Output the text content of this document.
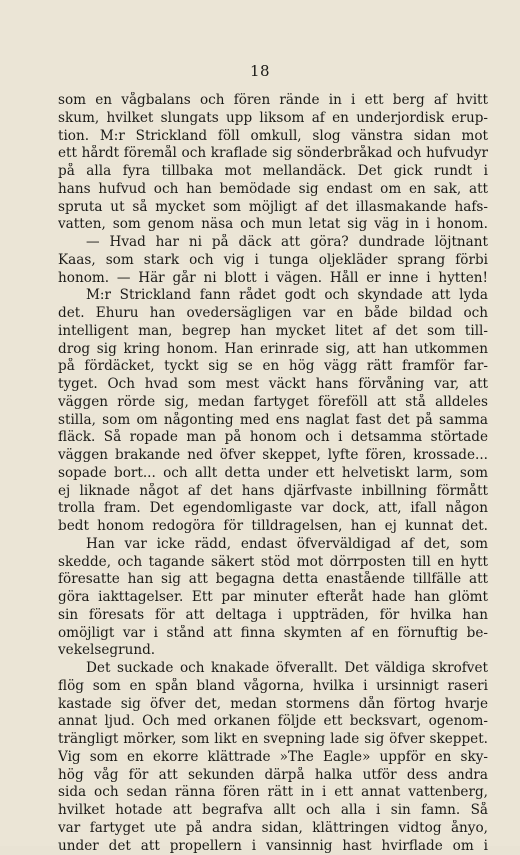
18
som en vågbalans och fören rände in i ett berg af hvitt
skum, hvilket slungats upp liksom af en underjordisk erup-
tion. M:r Strickland föll omkull, slog vänstra sidan mot
ett hårdt föremål och kraflade sig sönderbråkad och hufvudyr
på alla fyra tillbaka mot mellandäck. Det gick rundt i
hans hufvud och han bemödade sig endast om en sak, att
spruta ut så mycket som möjligt af det illasmakande hafs-
vatten, som genom näsa och mun letat sig väg in i honom.
— Hvad har ni på däck att göra? dundrade löjtnant
Kaas, som stark och vig i tunga oljekläder sprang förbi
honom. — Här går ni blott i vägen. Håll er inne i hytten!
M:r Strickland fann rådet godt och skyndade att lyda
det. Ehuru han ovedersägligen var en både bildad och
intelligent man, begrep han mycket litet af det som till-
drog sig kring honom. Han erinrade sig, att han utkommen
på fördäcket, tyckt sig se en hög vägg rätt framför far-
tyget. Och hvad som mest väckt hans förvåning var, att
väggen rörde sig, medan fartyget föreföll att stå alldeles
stilla, som om någonting med ens naglat fast det på samma
fläck. Så ropade man på honom och i detsamma störtade
väggen brakande ned öfver skeppet, lyfte fören, krossade...
sopade bort... och allt detta under ett helvetiskt larm, som
ej liknade något af det hans djärfvaste inbillning förmått
trolla fram. Det egendomligaste var dock, att, ifall någon
bedt honom redogöra för tilldragelsen, han ej kunnat det.
Han var icke rädd, endast öfverväldigad af det, som
skedde, och tagande säkert stöd mot dörrposten till en hytt
föresatte han sig att begagna detta enastående tillfälle att
göra iakttagelser. Ett par minuter efteråt hade han glömt
sin föresats för att deltaga i uppträden, för hvilka han
omöjligt var i stånd att finna skymten af en förnuftig be-
vekelsegrund.
Det suckade och knakade öfverallt. Det väldiga skrofvet
flög som en spån bland vågorna, hvilka i ursinnigt raseri
kastade sig öfver det, medan stormens dån förtog hvarje
annat ljud. Och med orkanen följde ett becksvart, ogenom-
trängligt mörker, som likt en svepning lade sig öfver skeppet.
Vig som en ekorre klättrade »The Eagle» uppför en sky-
hög våg för att sekunden därpå halka utför dess andra
sida och sedan ränna fören rätt in i ett annat vattenberg,
hvilket hotade att begrafva allt och alla i sin famn. Så
var fartyget ute på andra sidan, klättringen vidtog ånyo,
under det att propellern i vansinnig hast hvirflade om i
